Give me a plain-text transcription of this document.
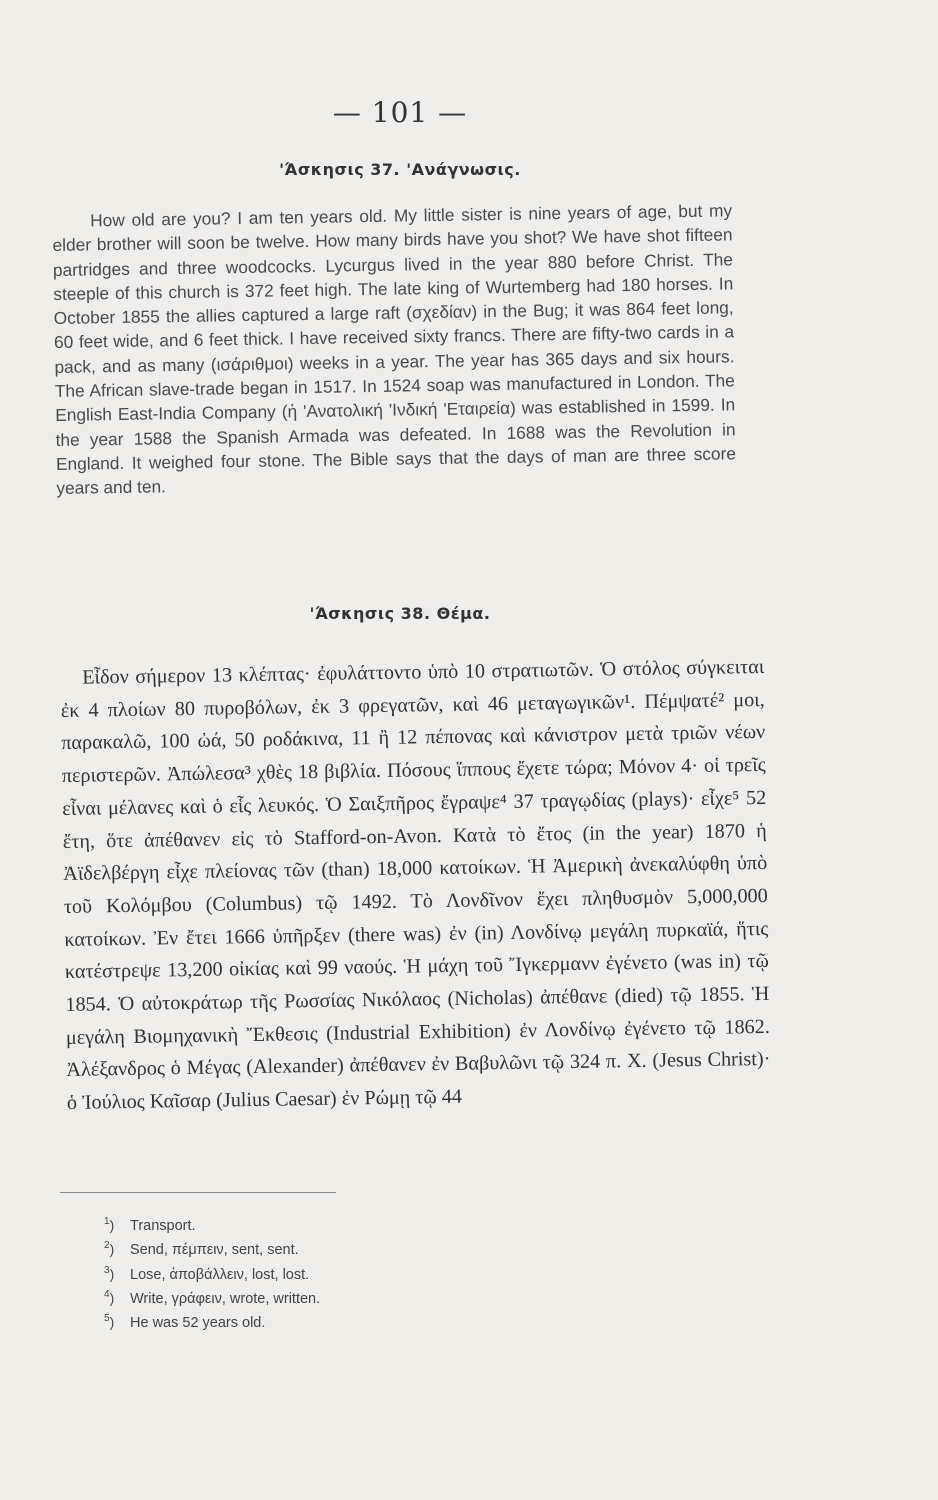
— 101 —
'Άσκησις 37. 'Ανάγνωσις.

How old are you? I am ten years old. My little sister is nine years of age, but my elder brother will soon be twelve. How many birds have you shot? We have shot fifteen partridges and three woodcocks. Lycurgus lived in the year 880 before Christ. The steeple of this church is 372 feet high. The late king of Wurtemberg had 180 horses. In October 1855 the allies captured a large raft (σχεδίαν) in the Bug; it was 864 feet long, 60 feet wide, and 6 feet thick. I have received sixty francs. There are fifty-two cards in a pack, and as many (ισάριθμοι) weeks in a year. The year has 365 days and six hours. The African slave-trade began in 1517. In 1524 soap was manufactured in London. The English East-India Company (ἡ 'Ανατολική 'Ινδική 'Εταιρεία) was established in 1599. In the year 1588 the Spanish Armada was defeated. In 1688 was the Revolution in England. It weighed four stone. The Bible says that the days of man are three score years and ten.

'Άσκησις 38. Θέμα.

Εἶδον σήμερον 13 κλέπτας· ἐφυλάττοντο ὑπὸ 10 στρατιωτῶν. Ὁ στόλος σύγκειται ἐκ 4 πλοίων 80 πυροβόλων, ἐκ 3 φρεγατῶν, καὶ 46 μεταγωγικῶν¹. Πέμψατέ² μοι, παρακαλῶ, 100 ὠά, 50 ροδάκινα, 11 ἢ 12 πέπονας καὶ κάνιστρον μετὰ τριῶν νέων περιστερῶν. Ἀπώλεσα³ χθὲς 18 βιβλία. Πόσους ἵππους ἔχετε τώρα; Μόνον 4· οἱ τρεῖς εἶναι μέλανες καὶ ὁ εἷς λευκός. Ὁ Σαιξπῆρος ἔγραψε⁴ 37 τραγῳδίας (plays)· εἶχε⁵ 52 ἔτη, ὅτε ἀπέθανεν εἰς τὸ Stafford-on-Avon. Κατὰ τὸ ἔτος (in the year) 1870 ἡ Ἀϊδελβέργη εἶχε πλείονας τῶν (than) 18,000 κατοίκων. Ἡ Ἀμερικὴ ἀνεκαλύφθη ὑπὸ τοῦ Κολόμβου (Columbus) τῷ 1492. Τὸ Λονδῖνον ἔχει πληθυσμὸν 5,000,000 κατοίκων. Ἐν ἔτει 1666 ὑπῆρξεν (there was) ἐν (in) Λονδίνῳ μεγάλη πυρκαϊά, ἥτις κατέστρεψε 13,200 οἰκίας καὶ 99 ναούς. Ἡ μάχη τοῦ Ἴγκερμανν ἐγένετο (was in) τῷ 1854. Ὁ αὐτοκράτωρ τῆς Ρωσσίας Νικόλαος (Nicholas) ἀπέθανε (died) τῷ 1855. Ἡ μεγάλη Βιομηχανικὴ Ἔκθεσις (Industrial Exhibition) ἐν Λονδίνῳ ἐγένετο τῷ 1862. Ἀλέξανδρος ὁ Μέγας (Alexander) ἀπέθανεν ἐν Βαβυλῶνι τῷ 324 π. Χ. (Jesus Christ)· ὁ Ἰούλιος Καῖσαρ (Julius Caesar) ἐν Ρώμῃ τῷ 44

$^1$) Transport.
$^2$) Send, πέμπειν, sent, sent.
$^3$) Lose, ἀποβάλλειν, lost, lost.
$^4$) Write, γράφειν, wrote, written.
$^5$) He was 52 years old.
